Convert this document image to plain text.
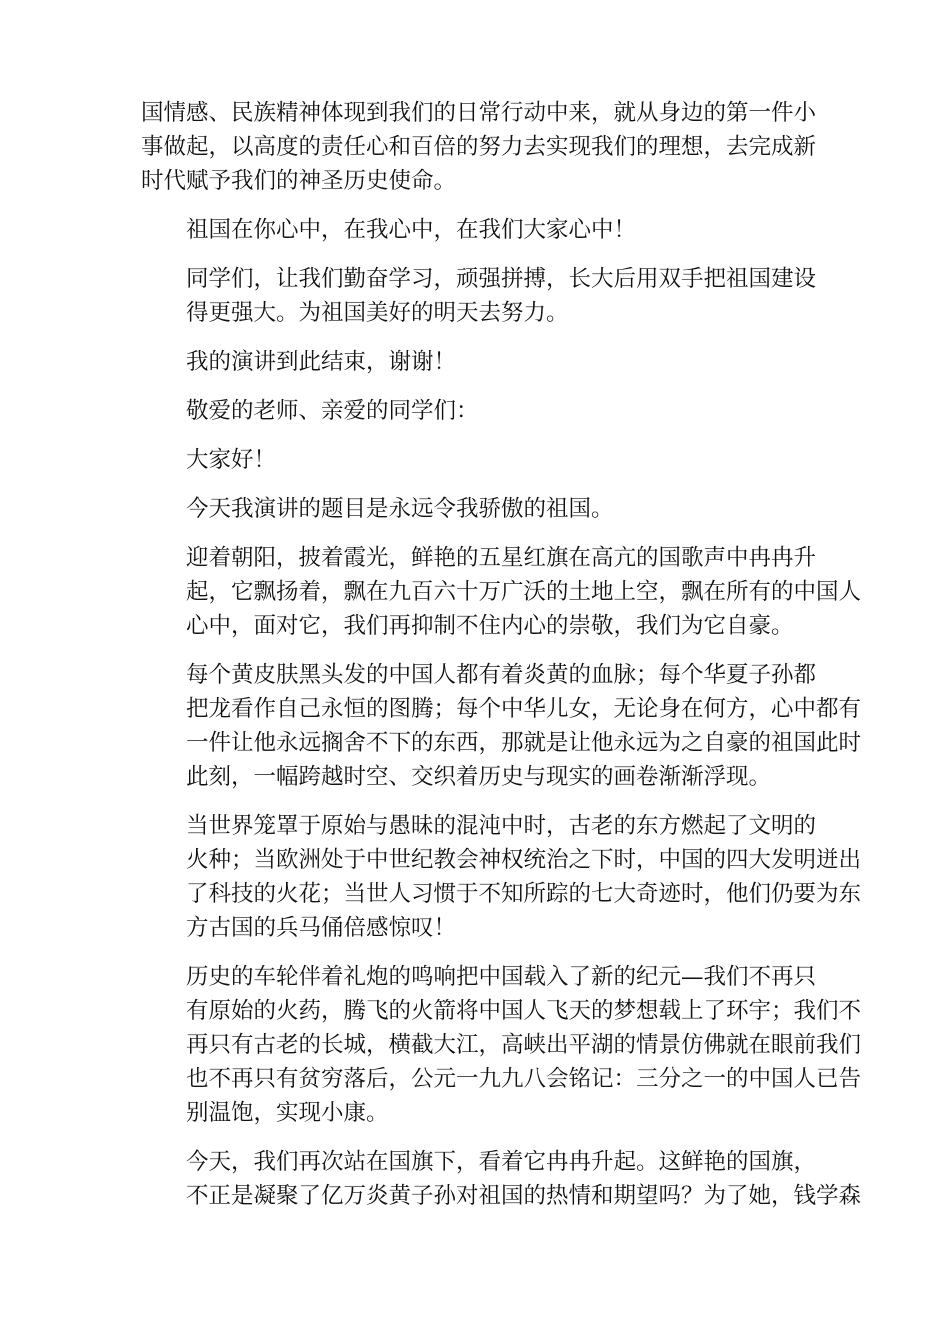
国情感、民族精神体现到我们的日常行动中来，就从身边的第一件小
事做起，以高度的责任心和百倍的努力去实现我们的理想，去完成新
时代赋予我们的神圣历史使命。

祖国在你心中，在我心中，在我们大家心中！

同学们，让我们勤奋学习，顽强拼搏，长大后用双手把祖国建设
得更强大。为祖国美好的明天去努力。

我的演讲到此结束，谢谢！

敬爱的老师、亲爱的同学们：

大家好！

今天我演讲的题目是永远令我骄傲的祖国。

迎着朝阳，披着霞光，鲜艳的五星红旗在高亢的国歌声中冉冉升
起，它飘扬着，飘在九百六十万广沃的土地上空，飘在所有的中国人
心中，面对它，我们再抑制不住内心的崇敬，我们为它自豪。

每个黄皮肤黑头发的中国人都有着炎黄的血脉；每个华夏子孙都
把龙看作自己永恒的图腾；每个中华儿女，无论身在何方，心中都有
一件让他永远搁舍不下的东西，那就是让他永远为之自豪的祖国此时
此刻，一幅跨越时空、交织着历史与现实的画卷渐渐浮现。

当世界笼罩于原始与愚昧的混沌中时，古老的东方燃起了文明的
火种；当欧洲处于中世纪教会神权统治之下时，中国的四大发明迸出
了科技的火花；当世人习惯于不知所踪的七大奇迹时，他们仍要为东
方古国的兵马俑倍感惊叹！

历史的车轮伴着礼炮的鸣响把中国载入了新的纪元—我们不再只
有原始的火药，腾飞的火箭将中国人飞天的梦想载上了环宇；我们不
再只有古老的长城，横截大江，高峡出平湖的情景仿佛就在眼前我们
也不再只有贫穷落后，公元一九九八会铭记：三分之一的中国人已告
别温饱，实现小康。

今天，我们再次站在国旗下，看着它冉冉升起。这鲜艳的国旗，
不正是凝聚了亿万炎黄子孙对祖国的热情和期望吗？为了她，钱学森
